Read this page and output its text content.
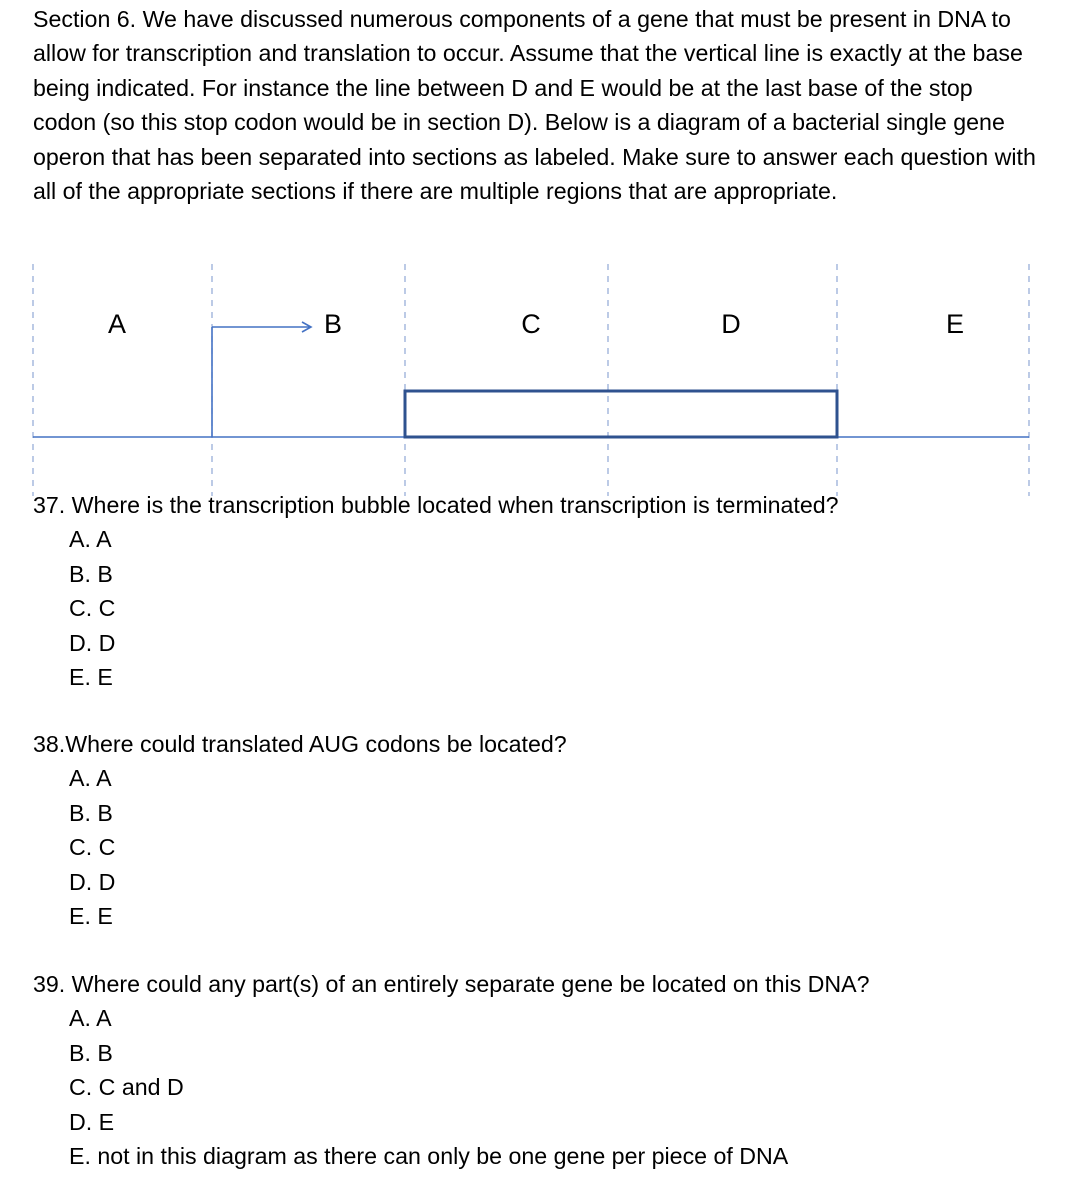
Section 6. We have discussed numerous components of a gene that must be present in DNA to allow for transcription and translation to occur. Assume that the vertical line is exactly at the base being indicated. For instance the line between D and E would be at the last base of the stop codon (so this stop codon would be in section D). Below is a diagram of a bacterial single gene operon that has been separated into sections as labeled. Make sure to answer each question with all of the appropriate sections if there are multiple regions that are appropriate.

A	B	C	D	E

37. Where is the transcription bubble located when transcription is terminated?

A. A
B. B
C. C
D. D
E. E

38.Where could translated AUG codons be located?

A. A
B. B
C. C
D. D
E. E

39. Where could any part(s) of an entirely separate gene be located on this DNA?

A. A
B. B
C. C and D
D. E
E. not in this diagram as there can only be one gene per piece of DNA
